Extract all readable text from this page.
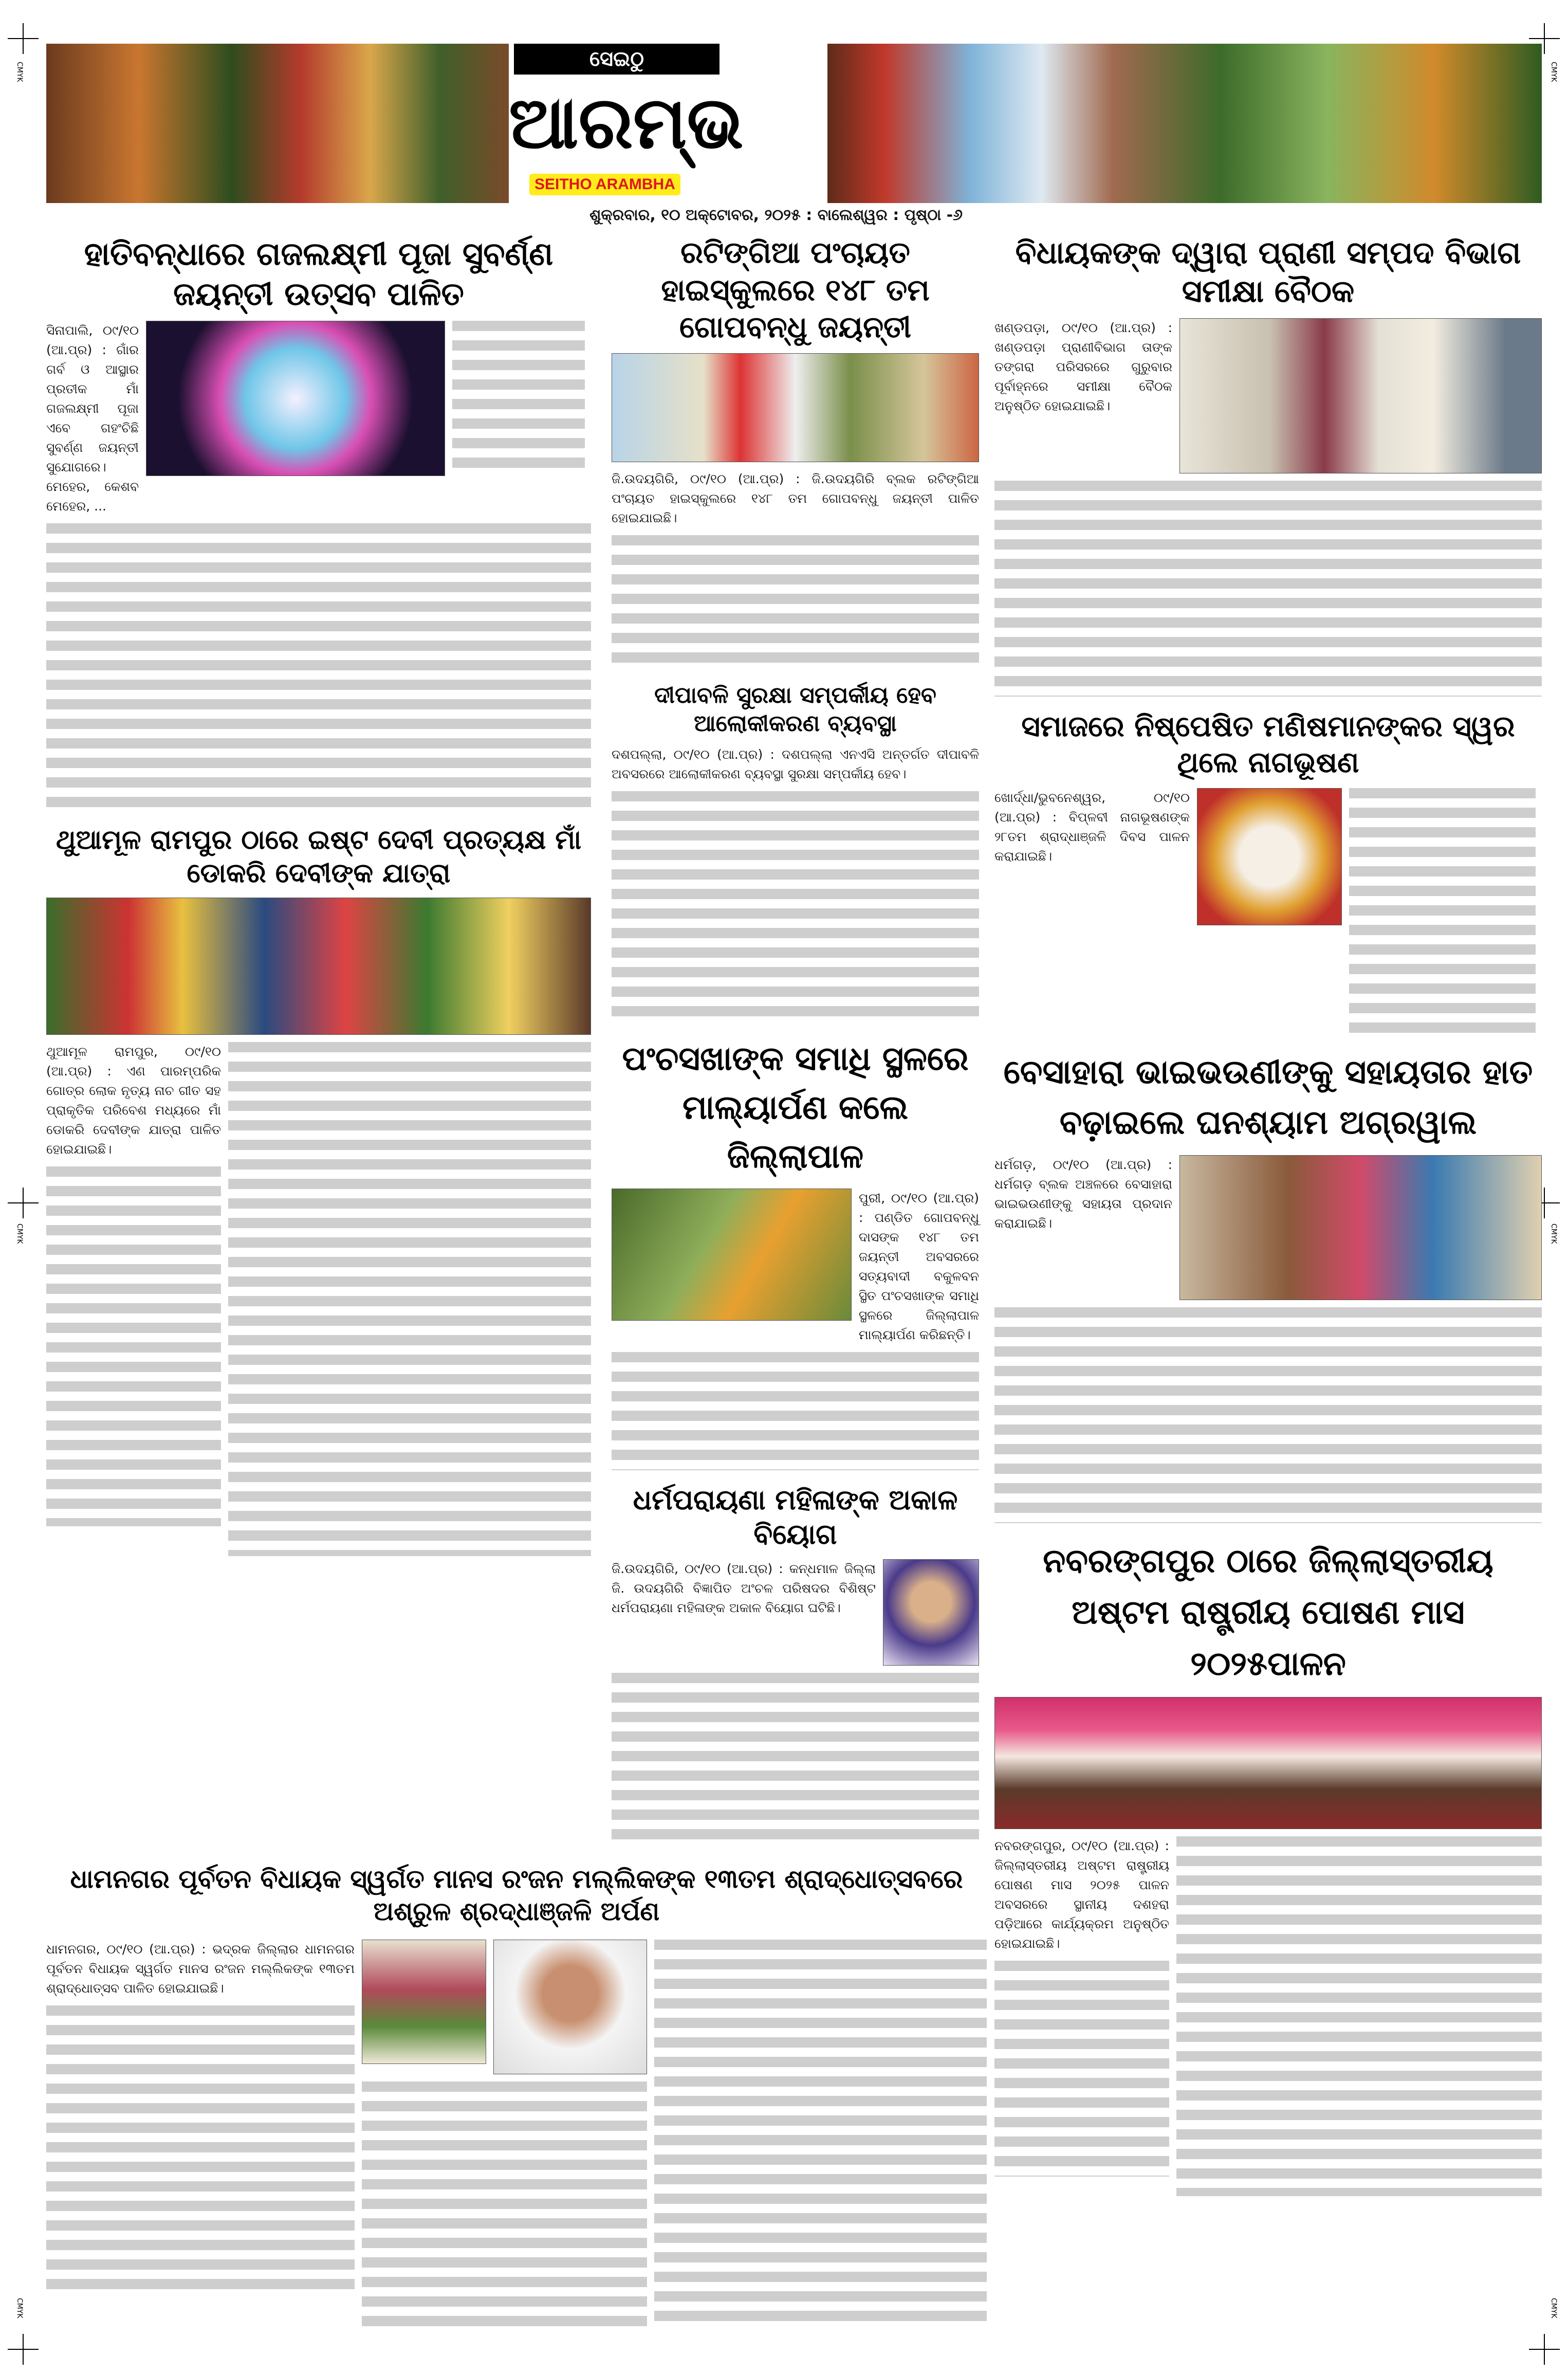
CMYK	CMYK
CMYK	CMYK
CMYK	CMYK
ସେଇଠୁ
ଆରମ୍ଭ
SEITHO ARAMBHA
ଶୁକ୍ରବାର, ୧୦ ଅକ୍ଟୋବର, ୨୦୨୫ : ବାଲେଶ୍ୱର : ପୃଷ୍ଠା -୬
ହାତିବନ୍ଧାରେ ଗଜଲକ୍ଷ୍ମୀ ପୂଜା ସୁବର୍ଣ୍ଣ ଜୟନ୍ତୀ ଉତ୍ସବ ପାଳିତ
ସିନାପାଲି, ୦୯/୧୦ (ଆ.ପ୍ର) : ଗାଁର ଗର୍ବ ଓ ଆସ୍ଥାର ପ୍ରତୀକ ମାଁ ଗଜଲକ୍ଷ୍ମୀ ପୂଜା ଏବେ ଗହଂଚିଛି ସୁବର୍ଣ୍ଣ ଜୟନ୍ତୀ ସୁଯୋଗରେ। ମେହେର, କେଶବ ମେହେର, ...
ଥୁଆମୂଳ ରାମପୁର ଠାରେ ଇଷ୍ଟ ଦେବୀ ପ୍ରତ୍ୟକ୍ଷ ମାଁ ଡୋକରି ଦେବୀଙ୍କ ଯାତ୍ରା
ଥୁଆମୂଳ ରାମପୁର, ୦୯/୧୦ (ଆ.ପ୍ର) : ଏଣ ପାରମ୍ପରିକ ଗୋତ୍ର ଲୋକ ନୃତ୍ୟ ନାଚ ଗୀତ ସହ ପ୍ରାକୃତିକ ପରିବେଶ ମଧ୍ୟରେ ମାଁ ଡୋକରି ଦେବୀଙ୍କ ଯାତ୍ରା ପାଳିତ ହୋଇଯାଇଛି।
ରଟିଙ୍ଗିଆ ପଂଚାୟତ ହାଇସ୍କୁଲରେ ୧୪୮ ତମ ଗୋପବନ୍ଧୁ ଜୟନ୍ତୀ
ଜି.ଉଦୟଗିରି, ୦୯/୧୦ (ଆ.ପ୍ର) : ଜି.ଉଦୟଗିରି ବ୍ଲକ ରଟିଙ୍ଗିଆ ପଂଚାୟତ ହାଇସ୍କୁଲରେ ୧୪୮ ତମ ଗୋପବନ୍ଧୁ ଜୟନ୍ତୀ ପାଳିତ ହୋଇଯାଇଛି।
ଦୀପାବଳି ସୁରକ୍ଷା ସମ୍ପର୍କୀୟ ହେବ ଆଲୋକୀକରଣ ବ୍ୟବସ୍ଥା
ଦଶପଲ୍ଲା, ୦୯/୧୦ (ଆ.ପ୍ର) : ଦଶପଲ୍ଲା ଏନଏସି ଅନ୍ତର୍ଗତ ଦୀପାବଳି ଅବସରରେ ଆଲୋକୀକରଣ ବ୍ୟବସ୍ଥା ସୁରକ୍ଷା ସମ୍ପର୍କୀୟ ହେବ।
ପଂଚସଖାଙ୍କ ସମାଧି ସ୍ଥଳରେ ମାଲ୍ୟାର୍ପଣ କଲେ ଜିଲ୍ଲାପାଳ
ପୁରୀ, ୦୯/୧୦ (ଆ.ପ୍ର) : ପଣ୍ଡିତ ଗୋପବନ୍ଧୁ ଦାସଙ୍କ ୧୪୮ ତମ ଜୟନ୍ତୀ ଅବସରରେ ସତ୍ୟବାଦୀ ବକୁଳବନ ସ୍ଥିତ ପଂଚସଖାଙ୍କ ସମାଧି ସ୍ଥଳରେ ଜିଲ୍ଲାପାଳ ମାଲ୍ୟାର୍ପଣ କରିଛନ୍ତି।
ଧର୍ମପରାୟଣା ମହିଳାଙ୍କ ଅକାଳ ବିୟୋଗ
ଜି.ଉଦୟଗିରି, ୦୯/୧୦ (ଆ.ପ୍ର) : କନ୍ଧମାଳ ଜିଲ୍ଲା ଜି. ଉଦୟଗିରି ବିଜ୍ଞାପିତ ଅଂଚଳ ପରିଷଦର ବିଶିଷ୍ଟ ଧର୍ମପରାୟଣା ମହିଳାଙ୍କ ଅକାଳ ବିୟୋଗ ଘଟିଛି।
ବିଧାୟକଙ୍କ ଦ୍ୱାରା ପ୍ରାଣୀ ସମ୍ପଦ ବିଭାଗ ସମୀକ୍ଷା ବୈଠକ
ଖଣ୍ଡପଡ଼ା, ୦୯/୧୦ (ଆ.ପ୍ର) : ଖଣ୍ଡପଡ଼ା ପ୍ରାଣୀବିଭାଗ ତାଙ୍କ ତଙ୍ଗରା ପରିସରରେ ଗୁରୁବାର ପୂର୍ବାହ୍ନରେ ସମୀକ୍ଷା ବୈଠକ ଅନୁଷ୍ଠିତ ହୋଇଯାଇଛି।
ସମାଜରେ ନିଷ୍ପେଷିତ ମଣିଷମାନଙ୍କର ସ୍ୱର ଥିଲେ ନାଗଭୂଷଣ
ଖୋର୍ଦ୍ଧା/ଭୁବନେଶ୍ୱର, ୦୯/୧୦ (ଆ.ପ୍ର) : ବିପ୍ଳବୀ ନାଗଭୂଷଣଙ୍କ ୨୮ତମ ଶ୍ରାଦ୍ଧାଞ୍ଜଳି ଦିବସ ପାଳନ କରାଯାଇଛି।
ବେସାହାରା ଭାଇଭଉଣୀଙ୍କୁ ସହାୟତାର ହାତ ବଢ଼ାଇଲେ ଘନଶ୍ୟାମ ଅଗ୍ରୱାଲ
ଧର୍ମଗଡ଼, ୦୯/୧୦ (ଆ.ପ୍ର) : ଧର୍ମଗଡ଼ ବ୍ଲକ ଅଞ୍ଚଳରେ ବେସାହାରା ଭାଇଭଉଣୀଙ୍କୁ ସହାୟତା ପ୍ରଦାନ କରାଯାଇଛି।
ନବରଙ୍ଗପୁର ଠାରେ ଜିଲ୍ଲାସ୍ତରୀୟ ଅଷ୍ଟମ ରାଷ୍ଟ୍ରୀୟ ପୋଷଣ ମାସ ୨୦୨୫ପାଳନ
ନବରଙ୍ଗପୁର, ୦୯/୧୦ (ଆ.ପ୍ର) : ଜିଲ୍ଲାସ୍ତରୀୟ ଅଷ୍ଟମ ରାଷ୍ଟ୍ରୀୟ ପୋଷଣ ମାସ ୨୦୨୫ ପାଳନ ଅବସରରେ ସ୍ଥାନୀୟ ଦଶହରା ପଡ଼ିଆରେ କାର୍ଯ୍ୟକ୍ରମ ଅନୁଷ୍ଠିତ ହୋଇଯାଇଛି।
ଧାମନଗର ପୂର୍ବତନ ବିଧାୟକ ସ୍ୱର୍ଗତ ମାନସ ରଂଜନ ମଲ୍ଲିକଙ୍କ ୧୩ତମ ଶ୍ରାଦ୍ଧୋତ୍ସବରେ ଅଶ୍ରୁଳ ଶ୍ରଦ୍ଧାଞ୍ଜଳି ଅର୍ପଣ
ଧାମନଗର, ୦୯/୧୦ (ଆ.ପ୍ର) : ଭଦ୍ରକ ଜିଲ୍ଲାର ଧାମନଗର ପୂର୍ବତନ ବିଧାୟକ ସ୍ୱର୍ଗତ ମାନସ ରଂଜନ ମଲ୍ଲିକଙ୍କ ୧୩ତମ ଶ୍ରାଦ୍ଧୋତ୍ସବ ପାଳିତ ହୋଇଯାଇଛି।
